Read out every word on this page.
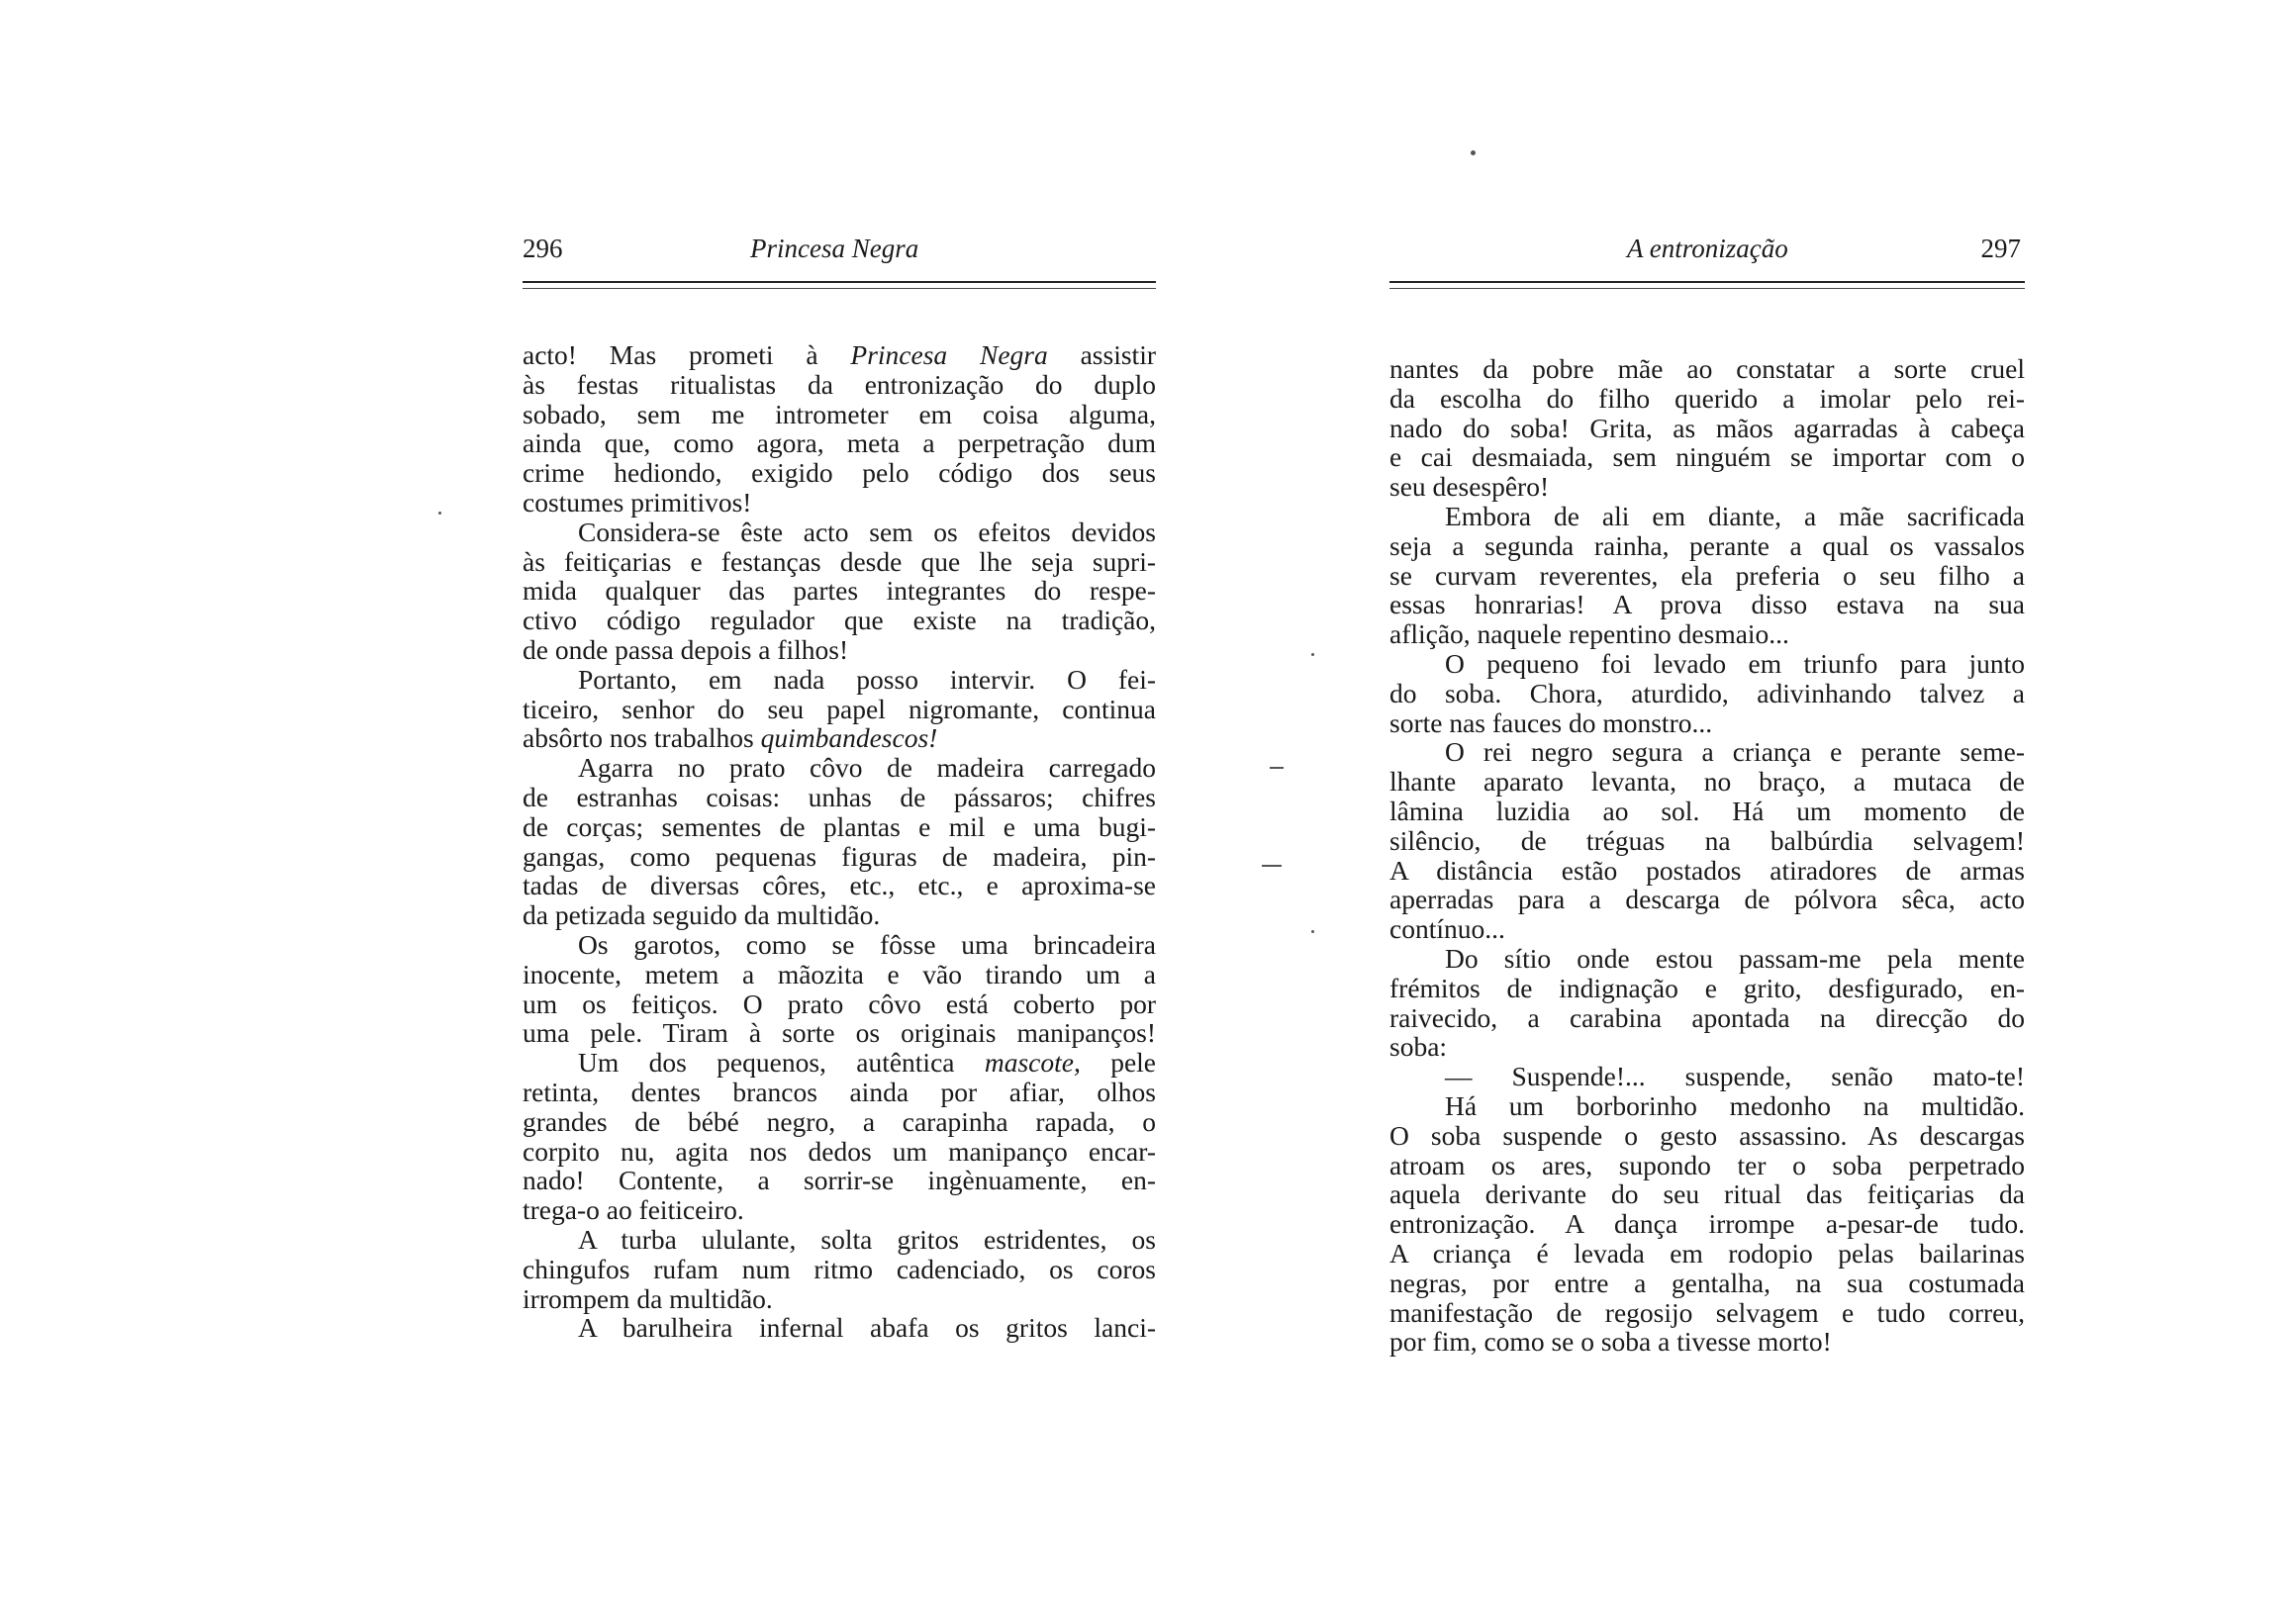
296	Princesa Negra
acto! Mas prometi à Princesa Negra assistir
às festas ritualistas da entronização do duplo
sobado, sem me intrometer em coisa alguma,
ainda que, como agora, meta a perpetração dum
crime hediondo, exigido pelo código dos seus
costumes primitivos!
Considera-se êste acto sem os efeitos devidos
às feitiçarias e festanças desde que lhe seja supri-
mida qualquer das partes integrantes do respe-
ctivo código regulador que existe na tradição,
de onde passa depois a filhos!
Portanto, em nada posso intervir. O fei-
ticeiro, senhor do seu papel nigromante, continua
absôrto nos trabalhos quimbandescos!
Agarra no prato côvo de madeira carregado
de estranhas coisas: unhas de pássaros; chifres
de corças; sementes de plantas e mil e uma bugi-
gangas, como pequenas figuras de madeira, pin-
tadas de diversas côres, etc., etc., e aproxima-se
da petizada seguido da multidão.
Os garotos, como se fôsse uma brincadeira
inocente, metem a mãozita e vão tirando um a
um os feitiços. O prato côvo está coberto por
uma pele. Tiram à sorte os originais manipanços!
Um dos pequenos, autêntica mascote, pele
retinta, dentes brancos ainda por afiar, olhos
grandes de bébé negro, a carapinha rapada, o
corpito nu, agita nos dedos um manipanço encar-
nado! Contente, a sorrir-se ingènuamente, en-
trega-o ao feiticeiro.
A turba ululante, solta gritos estridentes, os
chingufos rufam num ritmo cadenciado, os coros
irrompem da multidão.
A barulheira infernal abafa os gritos lanci-
A entronização	297
nantes da pobre mãe ao constatar a sorte cruel
da escolha do filho querido a imolar pelo rei-
nado do soba! Grita, as mãos agarradas à cabeça
e cai desmaiada, sem ninguém se importar com o
seu desespêro!
Embora de ali em diante, a mãe sacrificada
seja a segunda rainha, perante a qual os vassalos
se curvam reverentes, ela preferia o seu filho a
essas honrarias! A prova disso estava na sua
aflição, naquele repentino desmaio...
O pequeno foi levado em triunfo para junto
do soba. Chora, aturdido, adivinhando talvez a
sorte nas fauces do monstro...
O rei negro segura a criança e perante seme-
lhante aparato levanta, no braço, a mutaca de
lâmina luzidia ao sol. Há um momento de
silêncio, de tréguas na balbúrdia selvagem!
A distância estão postados atiradores de armas
aperradas para a descarga de pólvora sêca, acto
contínuo...
Do sítio onde estou passam-me pela mente
frémitos de indignação e grito, desfigurado, en-
raivecido, a carabina apontada na direcção do
soba:
— Suspende!... suspende, senão mato-te!
Há um borborinho medonho na multidão.
O soba suspende o gesto assassino. As descargas
atroam os ares, supondo ter o soba perpetrado
aquela derivante do seu ritual das feitiçarias da
entronização. A dança irrompe a-pesar-de tudo.
A criança é levada em rodopio pelas bailarinas
negras, por entre a gentalha, na sua costumada
manifestação de regosijo selvagem e tudo correu,
por fim, como se o soba a tivesse morto!
